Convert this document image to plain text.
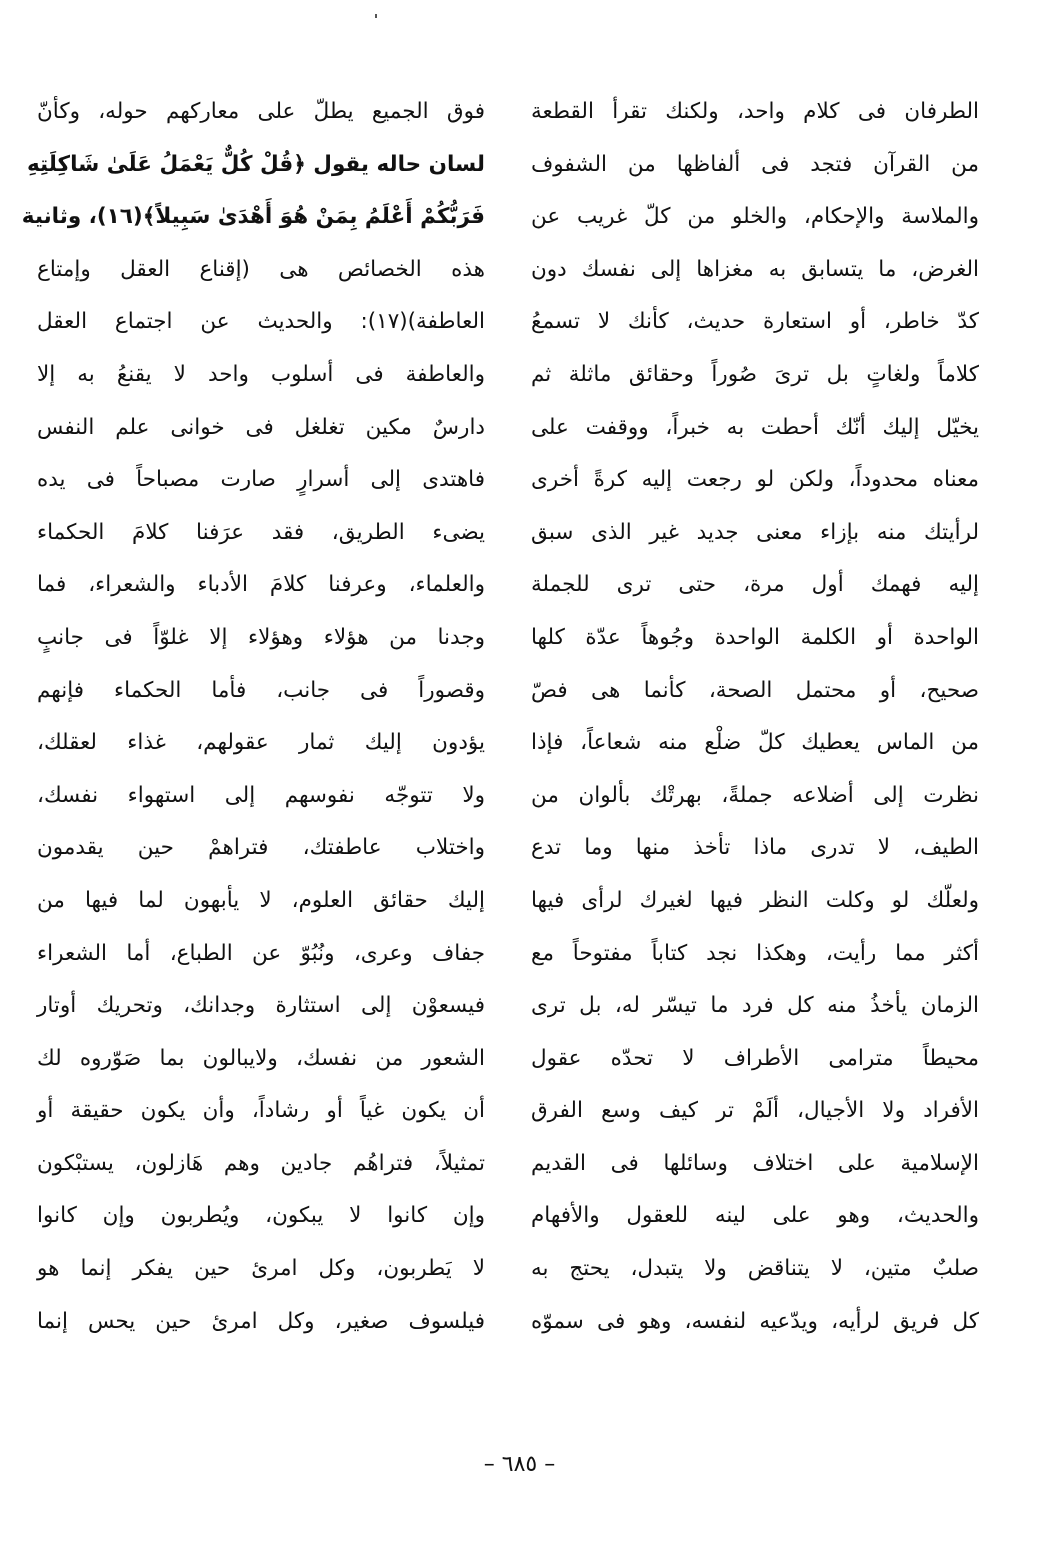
الطرفان فى كلام واحد، ولكنك تقرأ القطعة
من القرآن فتجد فى ألفاظها من الشفوف
والملاسة والإحكام، والخلو من كلّ غريب عن
الغرض، ما يتسابق به مغزاها إلى نفسك دون
كدّ خاطر، أو استعارة حديث، كأنك لا تسمعُ
كلاماً ولغاتٍ بل ترىَ صُوراً وحقائق ماثلة ثم
يخيّل إليك أنّك أحطت به خبراً، ووقفت على
معناه محدوداً، ولكن لو رجعت إليه كرةً أخرى
لرأيتك منه بإزاء معنى جديد غير الذى سبق
إليه فهمك أول مرة، حتى ترى للجملة
الواحدة أو الكلمة الواحدة وجُوهاً عدّة كلها
صحيح، أو محتمل الصحة، كأنما هى فصّ
من الماس يعطيك كلّ ضلْع منه شعاعاً، فإذا
نظرت إلى أضلاعه جملةً، بهرتْك بألوان من
الطيف، لا تدرى ماذا تأخذ منها وما تدع
ولعلّك لو وكلت النظر فيها لغيرك لرأى فيها
أكثر مما رأيت، وهكذا نجد كتاباً مفتوحاً مع
الزمان يأخذُ منه كل فرد ما تيسّر له، بل ترى
محيطاً مترامى الأطراف لا تحدّه عقول
الأفراد ولا الأجيال، ألَمْ تر كيف وسع الفرق
الإسلامية على اختلاف وسائلها فى القديم
والحديث، وهو على لينه للعقول والأفهام
صلبٌ متين، لا يتناقض ولا يتبدل، يحتج به
كل فريق لرأيه، ويدّعيه لنفسه، وهو فى سموّه
فوق الجميع يطلّ على معاركهم حوله، وكأنّ
لسان حاله يقول ﴿قُلْ كُلٌّ يَعْمَلُ عَلَىٰ شَاكِلَتِهِ
فَرَبُّكُمْ أَعْلَمُ بِمَنْ هُوَ أَهْدَىٰ سَبِيلاً﴾(١٦)، وثانية
هذه الخصائص هى (إقناع العقل وإمتاع
العاطفة)(١٧): والحديث عن اجتماع العقل
والعاطفة فى أسلوب واحد لا يقنعُ به إلا
دارسٌ مكين تغلغل فى خوانى علم النفس
فاهتدى إلى أسرارٍ صارت مصباحاً فى يده
يضىء الطريق، فقد عرَفنا كلامَ الحكماء
والعلماء، وعرفنا كلامَ الأدباء والشعراء، فما
وجدنا من هؤلاء وهؤلاء إلا غلوّاً فى جانبٍ
وقصوراً فى جانب، فأما الحكماء فإنهم
يؤدون إليك ثمار عقولهم، غذاء لعقلك،
ولا تتوجّه نفوسهم إلى استهواء نفسك،
واختلاب عاطفتك، فتراهمْ حين يقدمون
إليك حقائق العلوم، لا يأبهون لما فيها من
جفاف وعرى، ونُبُوّ عن الطباع، أما الشعراء
فيسعوْن إلى استثارة وجدانك، وتحريك أوتار
الشعور من نفسك، ولايبالون بما صَوّروه لك
أن يكون غياً أو رشاداً، وأن يكون حقيقة أو
تمثيلاً، فتراهُم جادين وهم هَازلون، يستبْكون
وإن كانوا لا يبكون، ويُطربون وإن كانوا
لا يَطربون، وكل امرئ حين يفكر إنما هو
فيلسوف صغير، وكل امرئ حين يحس إنما
– ٦٨٥ –
